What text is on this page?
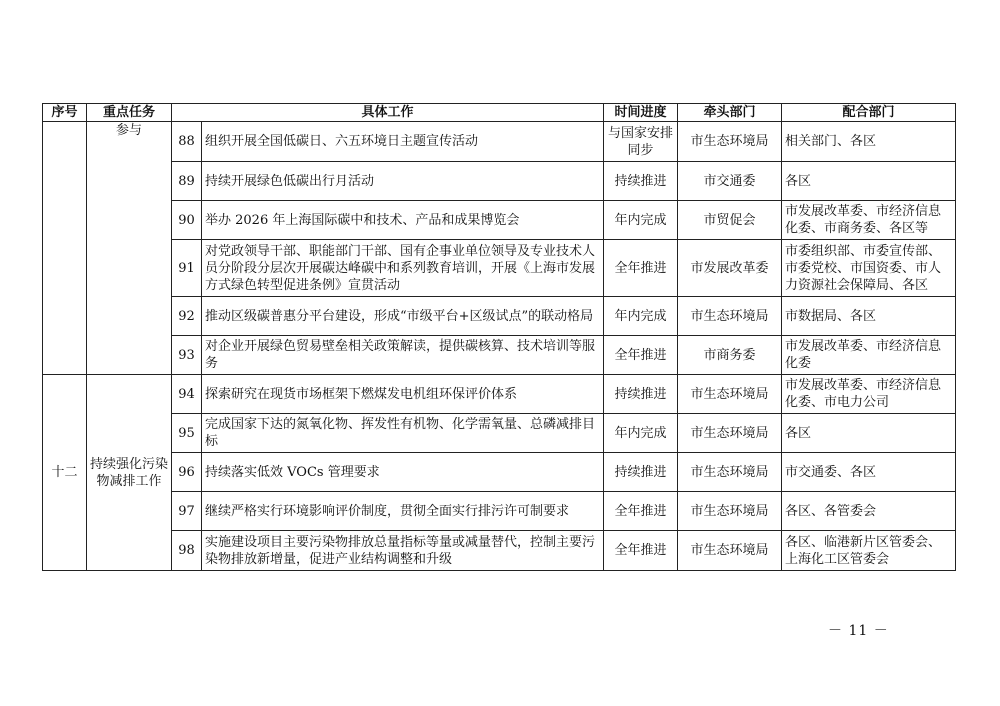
序号	重点任务	具体工作		时间进度	牵头部门	配合部门
	参与	88	组织开展全国低碳日、六五环境日主题宣传活动	与国家安排同步	市生态环境局	相关部门、各区
		89	持续开展绿色低碳出行月活动	持续推进	市交通委	各区
		90	举办 2026 年上海国际碳中和技术、产品和成果博览会	年内完成	市贸促会	市发展改革委、市经济信息化委、市商务委、各区等
		91	对党政领导干部、职能部门干部、国有企事业单位领导及专业技术人员分阶段分层次开展碳达峰碳中和系列教育培训，开展《上海市发展方式绿色转型促进条例》宣贯活动	全年推进	市发展改革委	市委组织部、市委宣传部、市委党校、市国资委、市人力资源社会保障局、各区
		92	推动区级碳普惠分平台建设，形成“市级平台+区级试点”的联动格局	年内完成	市生态环境局	市数据局、各区
		93	对企业开展绿色贸易壁垒相关政策解读，提供碳核算、技术培训等服务	全年推进	市商务委	市发展改革委、市经济信息化委
十二	持续强化污染物减排工作	94	探索研究在现货市场框架下燃煤发电机组环保评价体系	持续推进	市生态环境局	市发展改革委、市经济信息化委、市电力公司
		95	完成国家下达的氮氧化物、挥发性有机物、化学需氧量、总磷减排目标	年内完成	市生态环境局	各区
		96	持续落实低效 VOCs 管理要求	持续推进	市生态环境局	市交通委、各区
		97	继续严格实行环境影响评价制度，贯彻全面实行排污许可制要求	全年推进	市生态环境局	各区、各管委会
		98	实施建设项目主要污染物排放总量指标等量或减量替代，控制主要污染物排放新增量，促进产业结构调整和升级	全年推进	市生态环境局	各区、临港新片区管委会、上海化工区管委会
－ 11 －
